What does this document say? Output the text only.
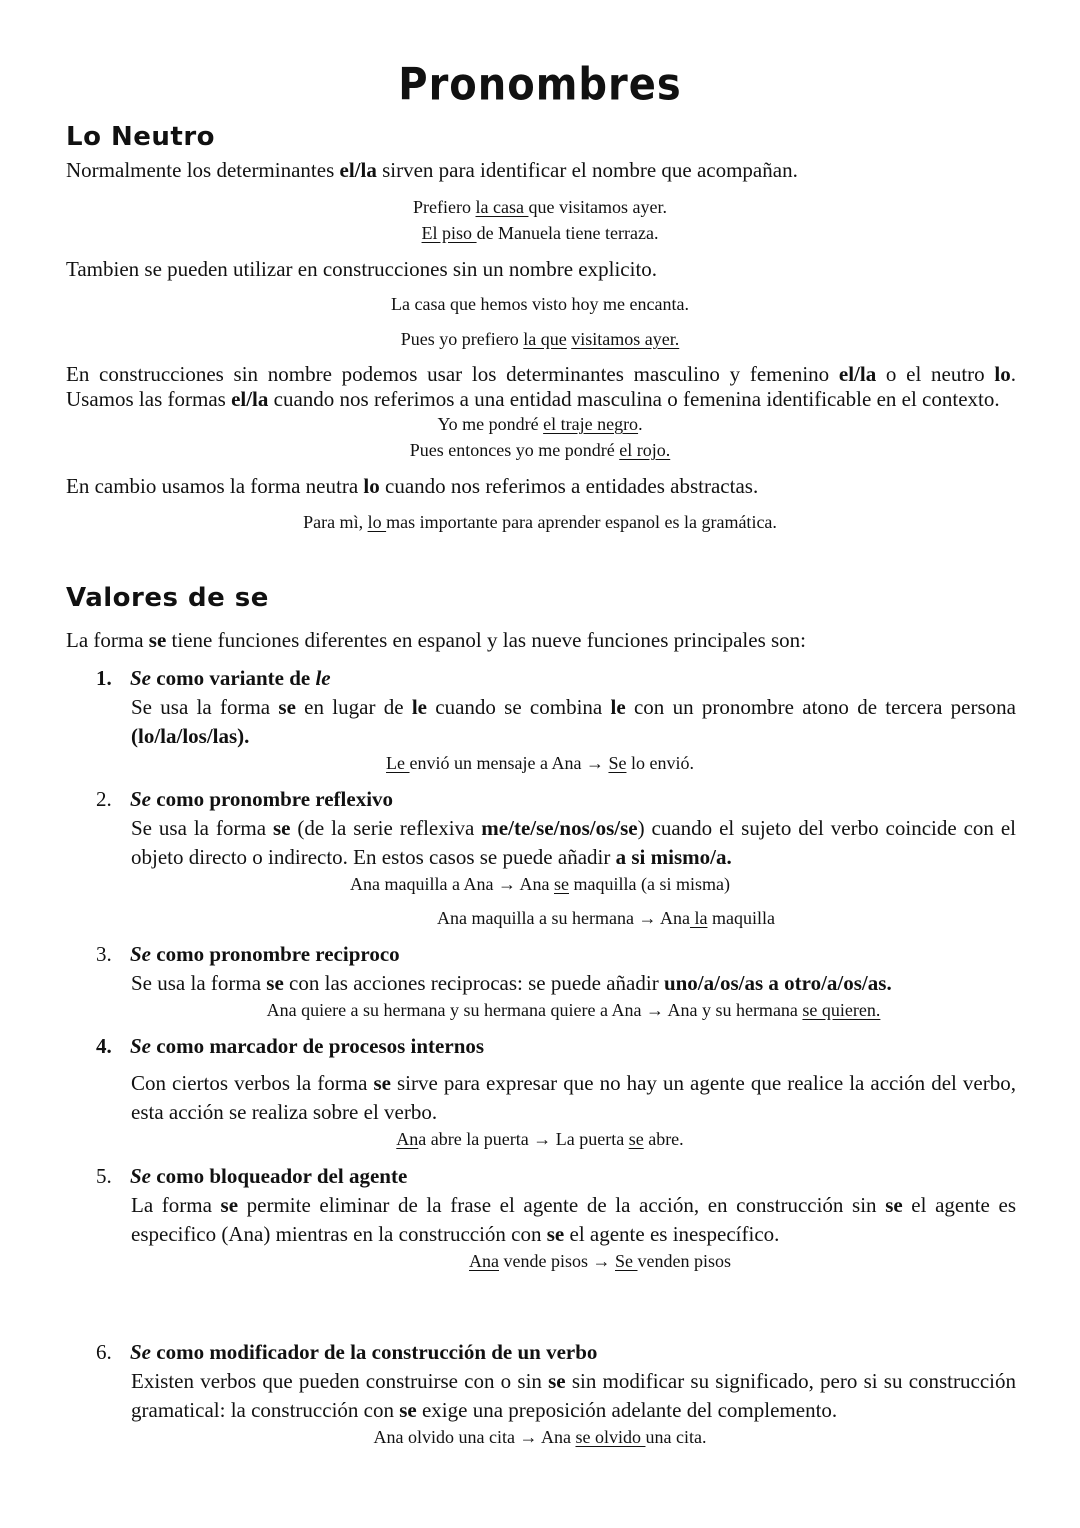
Pronombres
Lo Neutro
Normalmente los determinantes el/la sirven para identificar el nombre que acompañan.
Prefiero la casa que visitamos ayer.
El piso de Manuela tiene terraza.
Tambien se pueden utilizar en construcciones sin un nombre explicito.
La casa que hemos visto hoy me encanta.
Pues yo prefiero la que visitamos ayer.
En construcciones sin nombre podemos usar los determinantes masculino y femenino el/la o el neutro lo. Usamos las formas el/la cuando nos referimos a una entidad masculina o femenina identificable en el contexto.
Yo me pondré el traje negro.
Pues entonces yo me pondré el rojo.
En cambio usamos la forma neutra lo cuando nos referimos a entidades abstractas.
Para mì, lo mas importante para aprender espanol es la gramática.
Valores de se
La forma se tiene funciones diferentes en espanol y las nueve funciones principales son:
1. Se como variante de le
Se usa la forma se en lugar de le cuando se combina le con un pronombre atono de tercera persona (lo/la/los/las).
Le envió un mensaje a Ana → Se lo envió.
2. Se como pronombre reflexivo
Se usa la forma se (de la serie reflexiva me/te/se/nos/os/se) cuando el sujeto del verbo coincide con el objeto directo o indirecto. En estos casos se puede añadir a si mismo/a.
Ana maquilla a Ana → Ana se maquilla (a si misma)
Ana maquilla a su hermana → Ana la maquilla
3. Se como pronombre reciproco
Se usa la forma se con las acciones reciprocas: se puede añadir uno/a/os/as a otro/a/os/as.
Ana quiere a su hermana y su hermana quiere a Ana → Ana y su hermana se quieren.
4. Se como marcador de procesos internos
Con ciertos verbos la forma se sirve para expresar que no hay un agente que realice la acción del verbo, esta acción se realiza sobre el verbo.
Ana abre la puerta → La puerta se abre.
5. Se como bloqueador del agente
La forma se permite eliminar de la frase el agente de la acción, en construcción sin se el agente es especifico (Ana) mientras en la construcción con se el agente es inespecífico.
Ana vende pisos → Se venden pisos
6. Se como modificador de la construcción de un verbo
Existen verbos que pueden construirse con o sin se sin modificar su significado, pero si su construcción gramatical: la construcción con se exige una preposición adelante del complemento.
Ana olvido una cita → Ana se olvido una cita.
